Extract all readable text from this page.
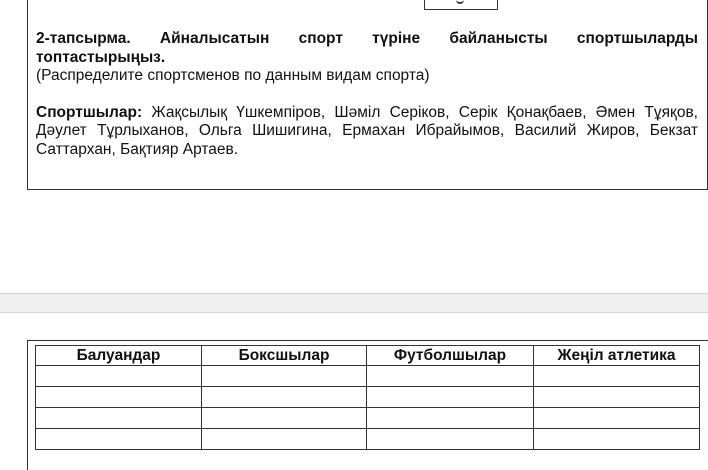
2-тапсырма. Айналысатын спорт түріне байланысты спортшыларды топтастырыңыз.

(Распределите спортсменов по данным видам спорта)

Спортшылар: Жақсылық Үшкемпіров, Шәміл Серіков, Серік Қонақбаев, Әмен Тұяқов, Дәулет Тұрлыханов, Ольга Шишигина, Ермахан Ибрайымов, Василий Жиров, Бекзат Саттархан, Бақтияр Артаев.

Балуандар	Боксшылар	Футболшылар	Жеңіл атлетика
